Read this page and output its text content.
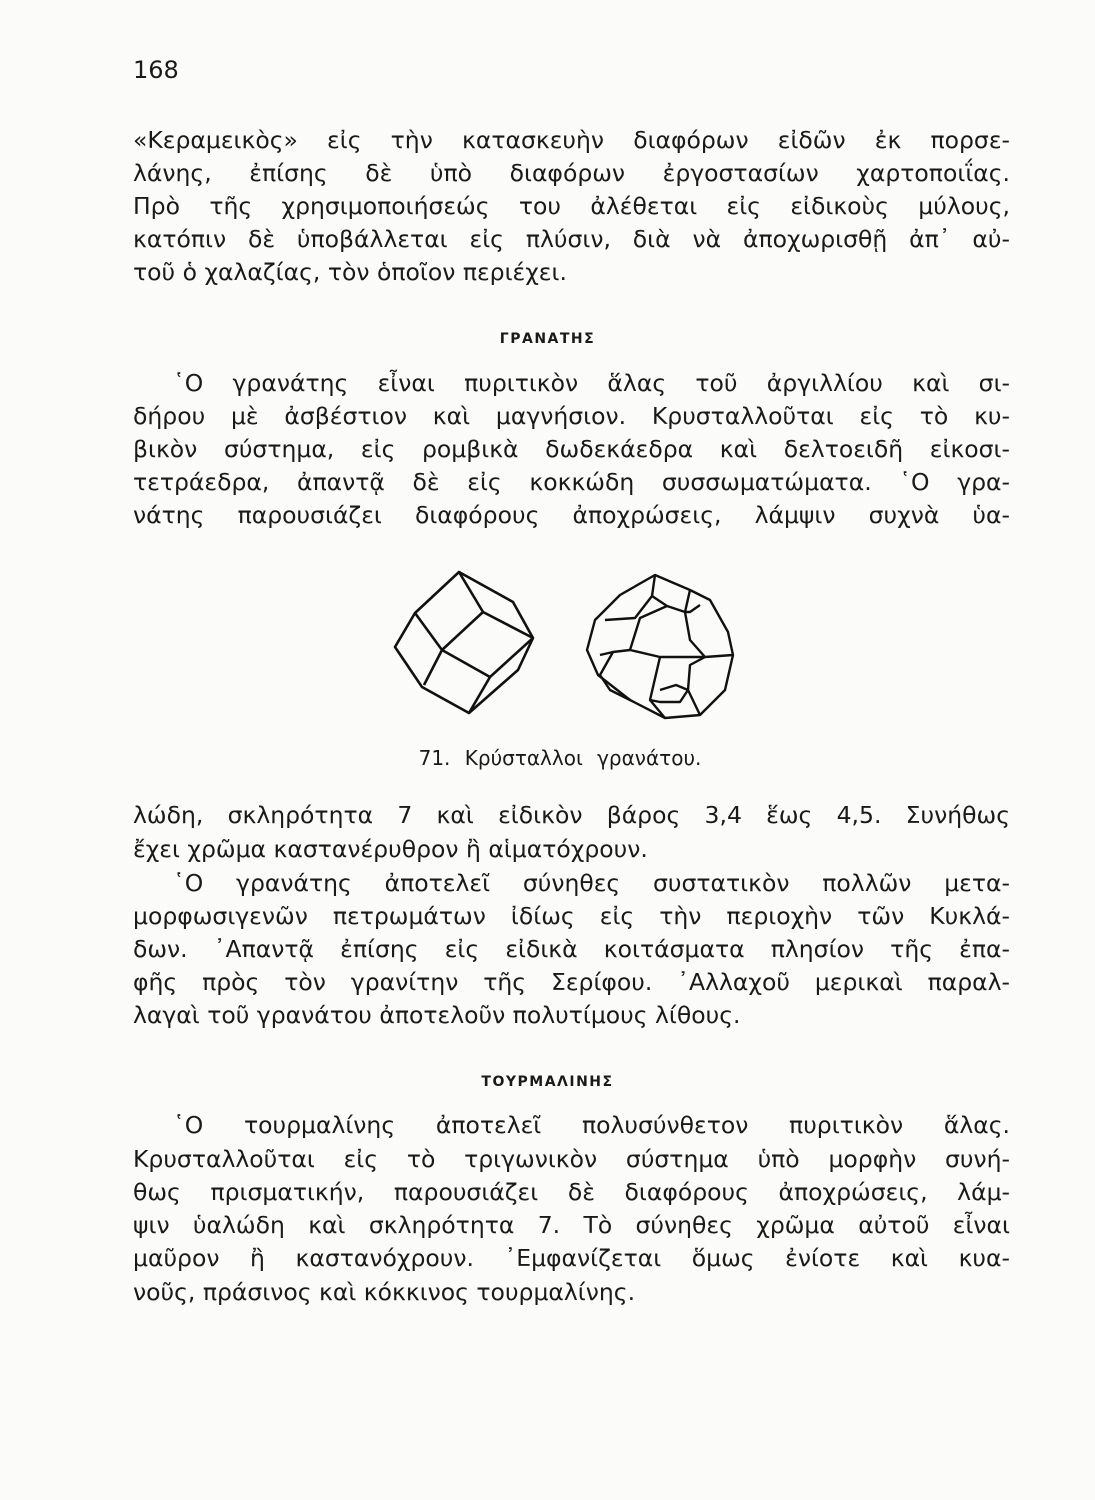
168
«Κεραμεικὸς» εἰς τὴν κατασκευὴν διαφόρων εἰδῶν ἐκ πορσε-
λάνης, ἐπίσης δὲ ὑπὸ διαφόρων ἐργοστασίων χαρτοποιΐας.
Πρὸ τῆς χρησιμοποιήσεώς του ἀλέθεται εἰς εἰδικοὺς μύλους,
κατόπιν δὲ ὑποβάλλεται εἰς πλύσιν, διὰ νὰ ἀποχωρισθῇ ἀπ᾽ αὐ-
τοῦ ὁ χαλαζίας, τὸν ὁποῖον περιέχει.
ΓΡΑΝΑΤΗΣ
῾Ο γρανάτης εἶναι πυριτικὸν ἅλας τοῦ ἀργιλλίου καὶ σι-
δήρου μὲ ἀσβέστιον καὶ μαγνήσιον. Κρυσταλλοῦται εἰς τὸ κυ-
βικὸν σύστημα, εἰς ρομβικὰ δωδεκάεδρα καὶ δελτοειδῆ εἰκοσι-
τετράεδρα, ἀπαντᾷ δὲ εἰς κοκκώδη συσσωματώματα. ῾Ο γρα-
νάτης παρουσιάζει διαφόρους ἀποχρώσεις, λάμψιν συχνὰ ὑα-
71. Κρύσταλλοι γρανάτου.
λώδη, σκληρότητα 7 καὶ εἰδικὸν βάρος 3,4 ἕως 4,5. Συνήθως
ἔχει χρῶμα καστανέρυθρον ἢ αἱματόχρουν.
῾Ο γρανάτης ἀποτελεῖ σύνηθες συστατικὸν πολλῶν μετα-
μορφωσιγενῶν πετρωμάτων ἰδίως εἰς τὴν περιοχὴν τῶν Κυκλά-
δων. ᾿Απαντᾷ ἐπίσης εἰς εἰδικὰ κοιτάσματα πλησίον τῆς ἐπα-
φῆς πρὸς τὸν γρανίτην τῆς Σερίφου. ᾿Αλλαχοῦ μερικαὶ παραλ-
λαγαὶ τοῦ γρανάτου ἀποτελοῦν πολυτίμους λίθους.
ΤΟΥΡΜΑΛΙΝΗΣ
῾Ο τουρμαλίνης ἀποτελεῖ πολυσύνθετον πυριτικὸν ἅλας.
Κρυσταλλοῦται εἰς τὸ τριγωνικὸν σύστημα ὑπὸ μορφὴν συνή-
θως πρισματικήν, παρουσιάζει δὲ διαφόρους ἀποχρώσεις, λάμ-
ψιν ὑαλώδη καὶ σκληρότητα 7. Τὸ σύνηθες χρῶμα αὐτοῦ εἶναι
μαῦρον ἢ καστανόχρουν. ᾿Εμφανίζεται ὅμως ἐνίοτε καὶ κυα-
νοῦς, πράσινος καὶ κόκκινος τουρμαλίνης.
